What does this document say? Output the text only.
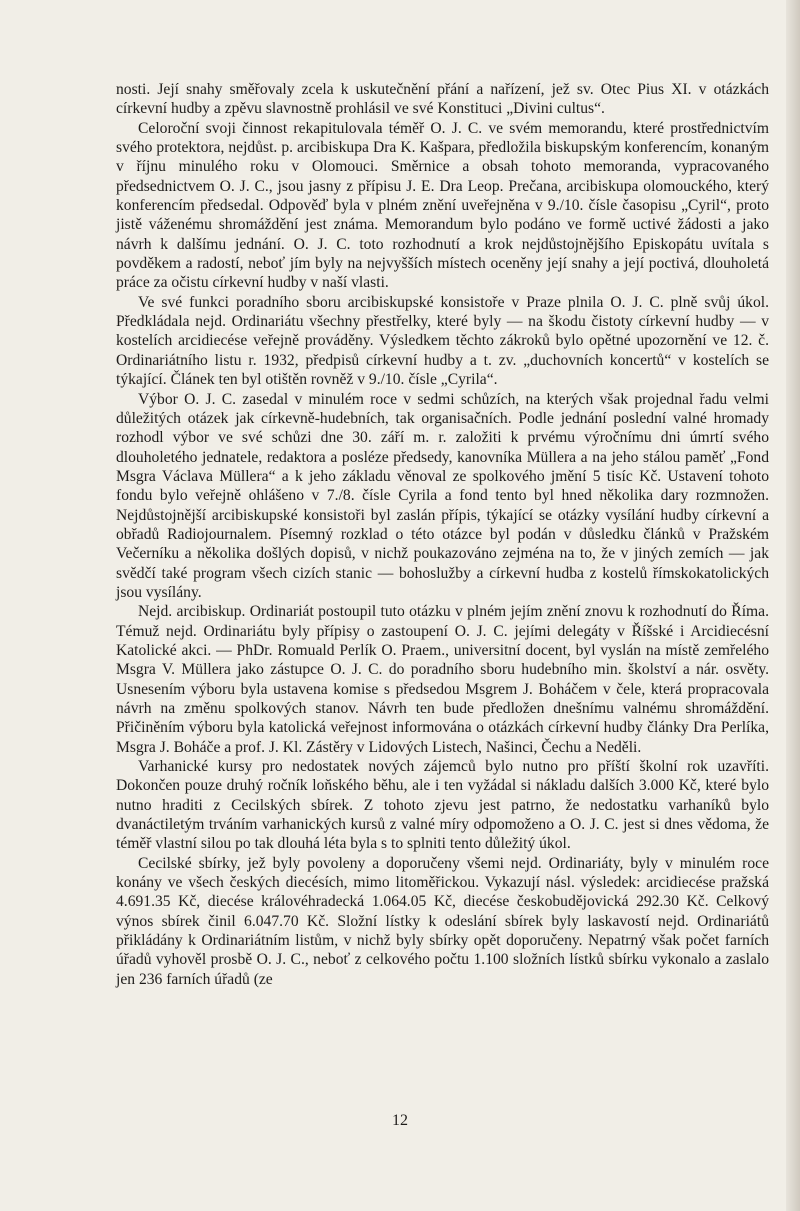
nosti. Její snahy směřovaly zcela k uskutečnění přání a nařízení, jež sv. Otec Pius XI. v otázkách církevní hudby a zpěvu slavnostně prohlásil ve své Konstituci „Divini cultus“.

Celoroční svoji činnost rekapitulovala téměř O. J. C. ve svém memorandu, které prostřednictvím svého protektora, nejdůst. p. arcibiskupa Dra K. Kašpara, předložila biskupským konferencím, konaným v říjnu minulého roku v Olomouci. Směrnice a obsah tohoto memoranda, vypracovaného předsednictvem O. J. C., jsou jasny z přípisu J. E. Dra Leop. Prečana, arcibiskupa olomouckého, který konferencím předsedal. Odpověď byla v plném znění uveřejněna v 9./10. čísle časopisu „Cyril“, proto jistě váženému shromáždění jest známa. Memorandum bylo podáno ve formě uctivé žádosti a jako návrh k dalšímu jednání. O. J. C. toto rozhodnutí a krok nejdůstojnějšího Episkopátu uvítala s povděkem a radostí, neboť jím byly na nejvyšších místech oceněny její snahy a její poctivá, dlouholetá práce za očistu církevní hudby v naší vlasti.

Ve své funkci poradního sboru arcibiskupské konsistoře v Praze plnila O. J. C. plně svůj úkol. Předkládala nejd. Ordinariátu všechny přestřelky, které byly — na škodu čistoty církevní hudby — v kostelích arcidiecése veřejně prováděny. Výsledkem těchto zákroků bylo opětné upozornění ve 12. č. Ordinariátního listu r. 1932, předpisů církevní hudby a t. zv. „duchovních koncertů“ v kostelích se týkající. Článek ten byl otištěn rovněž v 9./10. čísle „Cyrila“.

Výbor O. J. C. zasedal v minulém roce v sedmi schůzích, na kterých však projednal řadu velmi důležitých otázek jak církevně-hudebních, tak organisačních. Podle jednání poslední valné hromady rozhodl výbor ve své schůzi dne 30. září m. r. založiti k prvému výročnímu dni úmrtí svého dlouholetého jednatele, redaktora a posléze předsedy, kanovníka Müllera a na jeho stálou paměť „Fond Msgra Václava Müllera“ a k jeho základu věnoval ze spolkového jmění 5 tisíc Kč. Ustavení tohoto fondu bylo veřejně ohlášeno v 7./8. čísle Cyrila a fond tento byl hned několika dary rozmnožen. Nejdůstojnější arcibiskupské konsistoři byl zaslán přípis, týkající se otázky vysílání hudby církevní a obřadů Radiojournalem. Písemný rozklad o této otázce byl podán v důsledku článků v Pražském Večerníku a několika došlých dopisů, v nichž poukazováno zejména na to, že v jiných zemích — jak svědčí také program všech cizích stanic — bohoslužby a církevní hudba z kostelů římskokatolických jsou vysílány.

Nejd. arcibiskup. Ordinariát postoupil tuto otázku v plném jejím znění znovu k rozhodnutí do Říma. Témuž nejd. Ordinariátu byly přípisy o zastoupení O. J. C. jejími delegáty v Říšské i Arcidiecésní Katolické akci. — PhDr. Romuald Perlík O. Praem., universitní docent, byl vyslán na místě zemřelého Msgra V. Müllera jako zástupce O. J. C. do poradního sboru hudebního min. školství a nár. osvěty. Usnesením výboru byla ustavena komise s předsedou Msgrem J. Boháčem v čele, která propracovala návrh na změnu spolkových stanov. Návrh ten bude předložen dnešnímu valnému shromáždění. Přičiněním výboru byla katolická veřejnost informována o otázkách církevní hudby články Dra Perlíka, Msgra J. Boháče a prof. J. Kl. Zástěry v Lidových Listech, Našinci, Čechu a Neděli.

Varhanické kursy pro nedostatek nových zájemců bylo nutno pro příští školní rok uzavříti. Dokončen pouze druhý ročník loňského běhu, ale i ten vyžádal si nákladu dalších 3.000 Kč, které bylo nutno hraditi z Cecilských sbírek. Z tohoto zjevu jest patrno, že nedostatku varhaníků bylo dvanáctiletým trváním varhanických kursů z valné míry odpomoženo a O. J. C. jest si dnes vědoma, že téměř vlastní silou po tak dlouhá léta byla s to splniti tento důležitý úkol.

Cecilské sbírky, jež byly povoleny a doporučeny všemi nejd. Ordinariáty, byly v minulém roce konány ve všech českých diecésích, mimo litoměřickou. Vykazují násl. výsledek: arcidiecése pražská 4.691.35 Kč, diecése královéhradecká 1.064.05 Kč, diecése českobudějovická 292.30 Kč. Celkový výnos sbírek činil 6.047.70 Kč. Složní lístky k odeslání sbírek byly laskavostí nejd. Ordinariátů přikládány k Ordinariátním listům, v nichž byly sbírky opět doporučeny. Nepatrný však počet farních úřadů vyhověl prosbě O. J. C., neboť z celkového počtu 1.100 složních lístků sbírku vykonalo a zaslalo jen 236 farních úřadů (ze

12
